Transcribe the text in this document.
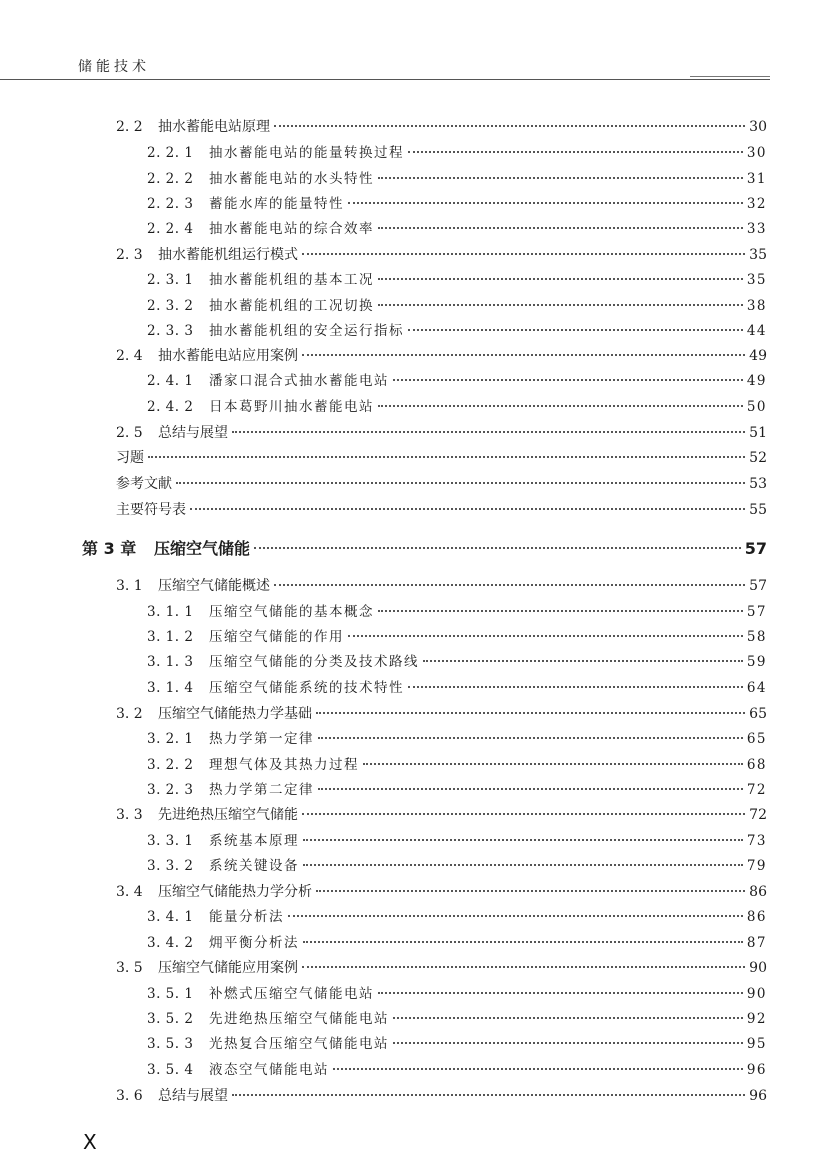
储能技术
2. 2	抽水蓄能电站原理	30
2. 2. 1	抽水蓄能电站的能量转换过程	30
2. 2. 2	抽水蓄能电站的水头特性	31
2. 2. 3	蓄能水库的能量特性	32
2. 2. 4	抽水蓄能电站的综合效率	33
2. 3	抽水蓄能机组运行模式	35
2. 3. 1	抽水蓄能机组的基本工况	35
2. 3. 2	抽水蓄能机组的工况切换	38
2. 3. 3	抽水蓄能机组的安全运行指标	44
2. 4	抽水蓄能电站应用案例	49
2. 4. 1	潘家口混合式抽水蓄能电站	49
2. 4. 2	日本葛野川抽水蓄能电站	50
2. 5	总结与展望	51
习题	52
参考文献	53
主要符号表	55
第 3 章	压缩空气储能	57
3. 1	压缩空气储能概述	57
3. 1. 1	压缩空气储能的基本概念	57
3. 1. 2	压缩空气储能的作用	58
3. 1. 3	压缩空气储能的分类及技术路线	59
3. 1. 4	压缩空气储能系统的技术特性	64
3. 2	压缩空气储能热力学基础	65
3. 2. 1	热力学第一定律	65
3. 2. 2	理想气体及其热力过程	68
3. 2. 3	热力学第二定律	72
3. 3	先进绝热压缩空气储能	72
3. 3. 1	系统基本原理	73
3. 3. 2	系统关键设备	79
3. 4	压缩空气储能热力学分析	86
3. 4. 1	能量分析法	86
3. 4. 2	㶲平衡分析法	87
3. 5	压缩空气储能应用案例	90
3. 5. 1	补燃式压缩空气储能电站	90
3. 5. 2	先进绝热压缩空气储能电站	92
3. 5. 3	光热复合压缩空气储能电站	95
3. 5. 4	液态空气储能电站	96
3. 6	总结与展望	96
X
